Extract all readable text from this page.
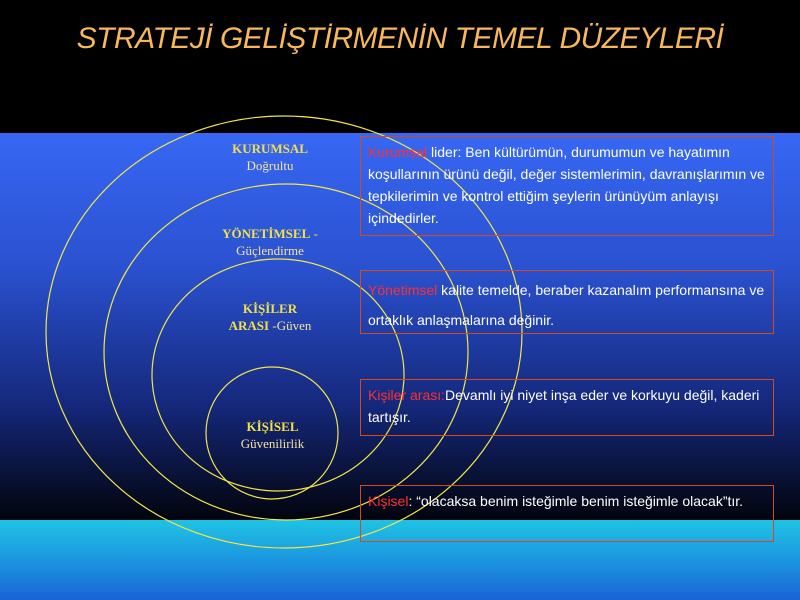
STRATEJİ GELİŞTİRMENİN TEMEL DÜZEYLERİ
KURUMSAL
Doğrultu
YÖNETİMSEL -
Güçlendirme
KİŞİLER
ARASI -Güven
KİŞİSEL
Güvenilirlik
Kurumsal lider: Ben kültürümün, durumumun ve hayatımın koşullarının ürünü değil, değer sistemlerimin, davranışlarımın ve tepkilerimin ve kontrol ettiğim şeylerin ürünüyüm anlayışı içindedirler.
Yönetimsel kalite temelde, beraber kazanalım performansına ve ortaklık anlaşmalarına değinir.
Kişiler arası:Devamlı iyi niyet inşa eder ve korkuyu değil, kaderi tartışır.
Kişisel: “olacaksa benim isteğimle benim isteğimle olacak”tır.
